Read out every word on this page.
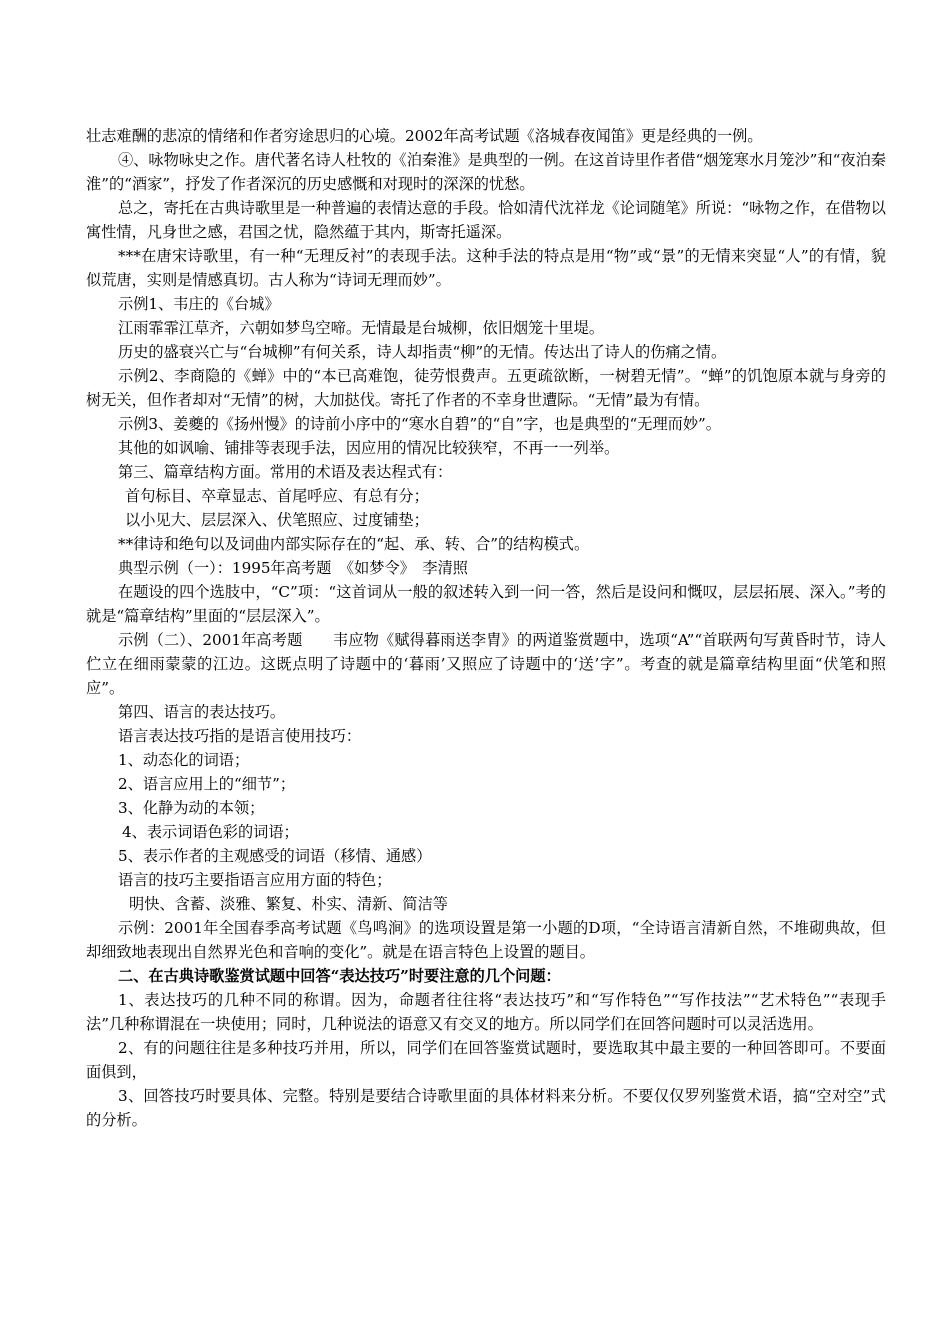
壮志难酬的悲凉的情绪和作者穷途思归的心境。2002年高考试题《洛城春夜闻笛》更是经典的一例。

④、咏物咏史之作。唐代著名诗人杜牧的《泊秦淮》是典型的一例。在这首诗里作者借“烟笼寒水月笼沙”和“夜泊秦淮”的“酒家”，抒发了作者深沉的历史感慨和对现时的深深的忧愁。

总之，寄托在古典诗歌里是一种普遍的表情达意的手段。恰如清代沈祥龙《论词随笔》所说：“咏物之作，在借物以寓性情，凡身世之感，君国之忧，隐然蕴于其内，斯寄托遥深。

***在唐宋诗歌里，有一种“无理反衬”的表现手法。这种手法的特点是用“物”或“景”的无情来突显“人”的有情，貌似荒唐，实则是情感真切。古人称为“诗词无理而妙”。

示例1、韦庄的《台城》

江雨霏霏江草齐，六朝如梦鸟空啼。无情最是台城柳，依旧烟笼十里堤。

历史的盛衰兴亡与“台城柳”有何关系，诗人却指责“柳”的无情。传达出了诗人的伤痛之情。

示例2、李商隐的《蝉》中的“本已高难饱，徒劳恨费声。五更疏欲断，一树碧无情”。“蝉”的饥饱原本就与身旁的树无关，但作者却对“无情”的树，大加挞伐。寄托了作者的不幸身世遭际。“无情”最为有情。

示例3、姜夔的《扬州慢》的诗前小序中的“寒水自碧”的“自”字，也是典型的“无理而妙”。

其他的如讽喻、铺排等表现手法，因应用的情况比较狭窄，不再一一列举。

第三、篇章结构方面。常用的术语及表达程式有：

首句标目、卒章显志、首尾呼应、有总有分；

以小见大、层层深入、伏笔照应、过度铺垫；

**律诗和绝句以及词曲内部实际存在的“起、承、转、合”的结构模式。

典型示例（一）：1995年高考题　《如梦令》　李清照

在题设的四个选肢中，“C”项：“这首词从一般的叙述转入到一问一答，然后是设问和慨叹，层层拓展、深入。”考的就是“篇章结构”里面的“层层深入”。

示例（二）、2001年高考题　　韦应物《赋得暮雨送李胄》的两道鉴赏题中，选项“A”“首联两句写黄昏时节，诗人伫立在细雨蒙蒙的江边。这既点明了诗题中的‘暮雨’又照应了诗题中的‘送’字”。考查的就是篇章结构里面“伏笔和照应”。

第四、语言的表达技巧。

语言表达技巧指的是语言使用技巧：

1、动态化的词语；

2、语言应用上的“细节”；

3、化静为动的本领；

4、表示词语色彩的词语；

5、表示作者的主观感受的词语（移情、通感）

语言的技巧主要指语言应用方面的特色；

明快、含蓄、淡雅、繁复、朴实、清新、简洁等

示例：2001年全国春季高考试题《鸟鸣涧》的选项设置是第一小题的D项，“全诗语言清新自然，不堆砌典故，但却细致地表现出自然界光色和音响的变化”。就是在语言特色上设置的题目。

二、在古典诗歌鉴赏试题中回答“表达技巧”时要注意的几个问题：

1、表达技巧的几种不同的称谓。因为，命题者往往将“表达技巧”和“写作特色”“写作技法”“艺术特色”“表现手法”几种称谓混在一块使用；同时，几种说法的语意又有交叉的地方。所以同学们在回答问题时可以灵活选用。

2、有的问题往往是多种技巧并用，所以，同学们在回答鉴赏试题时，要选取其中最主要的一种回答即可。不要面面俱到，

3、回答技巧时要具体、完整。特别是要结合诗歌里面的具体材料来分析。不要仅仅罗列鉴赏术语，搞“空对空”式的分析。
